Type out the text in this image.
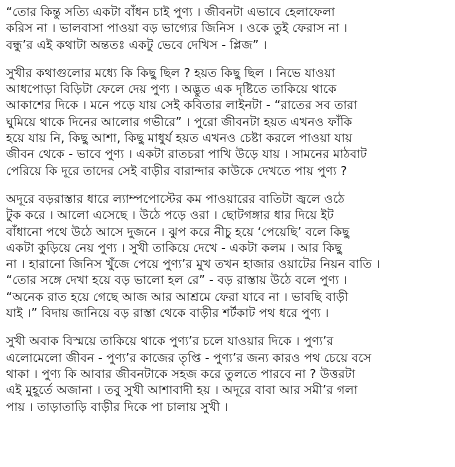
“তোর কিন্তু সত্যি একটা বাঁধন চাই পুণ্য । জীবনটা এভাবে হেলাফেলা
করিস না । ভালবাসা পাওয়া বড় ভাগ্যের জিনিস । ওকে তুই ফেরাস না ।
বন্ধু’র এই কথাটা অন্ততঃ একটু ভেবে দেখিস - প্লিজ” ।

সুখীর কথাগুলোর মধ্যে কি কিছু ছিল ? হয়ত কিছু ছিল । নিভে যাওয়া
আধপোড়া বিড়িটা ফেলে দেয় পুণ্য । অদ্ভুত এক দৃষ্টিতে তাকিয়ে থাকে
আকাশের দিকে । মনে পড়ে যায় সেই কবিতার লাইনটা - “রাতের সব তারা
ঘুমিয়ে থাকে দিনের আলোর গভীরে” । পুরো জীবনটা হয়ত এখনও ফাঁকি
হয়ে যায় নি, কিছু আশা, কিছু মাধুর্য হয়ত এখনও চেষ্টা করলে পাওয়া যায়
জীবন থেকে - ভাবে পুণ্য । একটা রাতচরা পাখি উড়ে যায় । সামনের মাঠবাট
পেরিয়ে কি দূরে তাদের সেই বাড়ীর বারান্দার কাউকে দেখতে পায় পুণ্য ?

অদূরে বড়রাস্তার ধারে ল্যাম্পপোস্টের কম পাওয়ারের বাতিটা জ্বলে ওঠে
টুক করে । আলো এসেছে । উঠে পড়ে ওরা । ছোটগঙ্গার ধার দিয়ে ইট
বাঁধানো পথে উঠে আসে দুজনে । ঝুপ করে নীচু হয়ে ‘পেয়েছি’ বলে কিছু
একটা কুড়িয়ে নেয় পুণ্য । সুখী তাকিয়ে দেখে - একটা কলম । আর কিছু
না । হারানো জিনিস খুঁজে পেয়ে পুণ্য’র মুখ তখন হাজার ওয়াটের নিয়ন বাতি ।
“তোর সঙ্গে দেখা হয়ে বড় ভালো হল রে” - বড় রাস্তায় উঠে বলে পুণ্য ।
“অনেক রাত হয়ে গেছে আজ আর আশ্রমে ফেরা যাবে না । ভাবছি বাড়ী
যাই ।” বিদায় জানিয়ে বড় রাস্তা থেকে বাড়ীর শর্টকাট পথ ধরে পুণ্য ।

সুখী অবাক বিস্ময়ে তাকিয়ে থাকে পুণ্য’র চলে যাওয়ার দিকে । পুণ্য’র
এলোমেলো জীবন - পুণ্য’র কাজের তৃপ্তি - পুণ্য’র জন্য কারও পথ চেয়ে বসে
থাকা । পুণ্য কি আবার জীবনটাকে সহজ করে তুলতে পারবে না ? উত্তরটা
এই মুহূর্তে অজানা । তবু সুখী আশাবাদী হয় । অদূরে বাবা আর সমী’র গলা
পায় । তাড়াতাড়ি বাড়ীর দিকে পা চালায় সুখী ।
